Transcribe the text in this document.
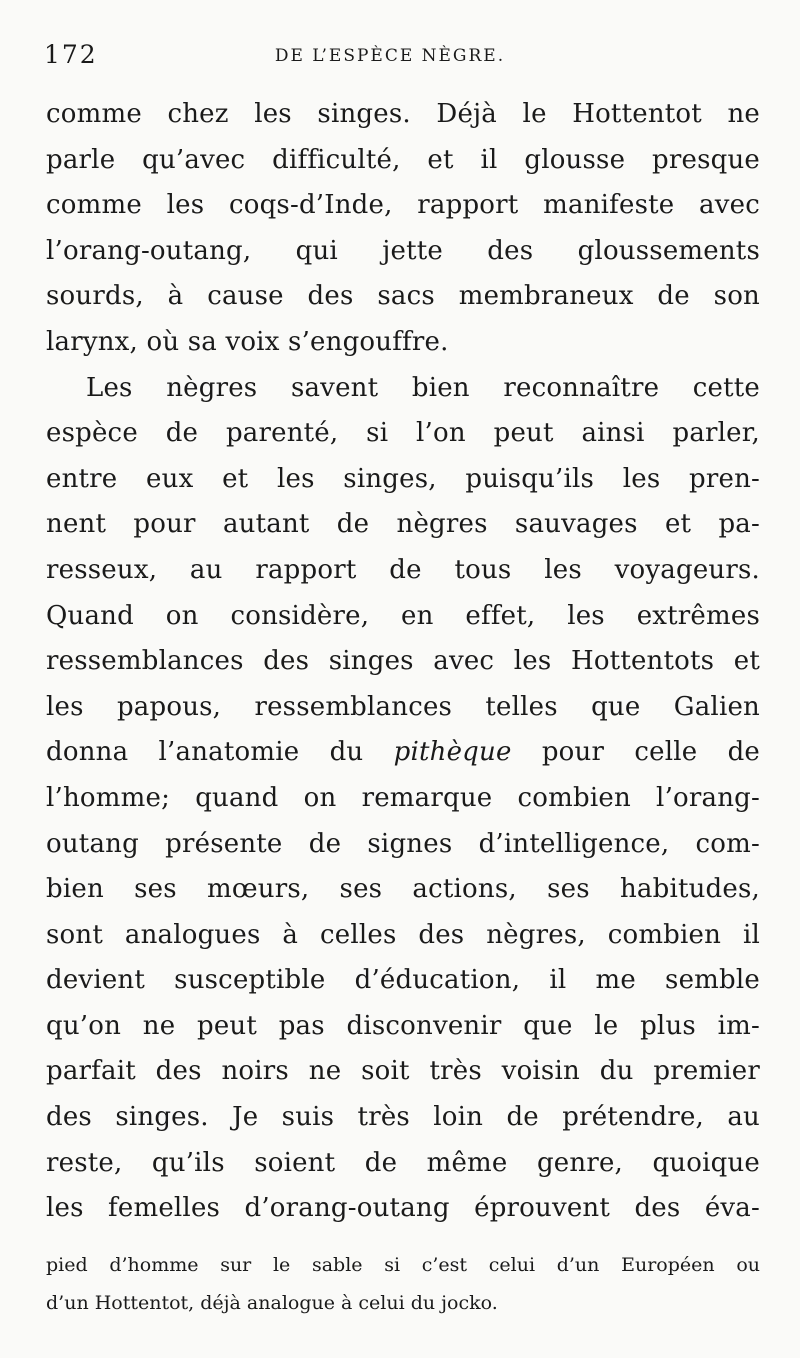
172	DE L’ESPÈCE NÈGRE.
comme chez les singes. Déjà le Hottentot ne
parle qu’avec difficulté, et il glousse presque
comme les coqs-d’Inde, rapport manifeste avec
l’orang-outang, qui jette des gloussements
sourds, à cause des sacs membraneux de son
larynx, où sa voix s’engouffre.
Les nègres savent bien reconnaître cette
espèce de parenté, si l’on peut ainsi parler,
entre eux et les singes, puisqu’ils les pren-
nent pour autant de nègres sauvages et pa-
resseux, au rapport de tous les voyageurs.
Quand on considère, en effet, les extrêmes
ressemblances des singes avec les Hottentots et
les papous, ressemblances telles que Galien
donna l’anatomie du pithèque pour celle de
l’homme; quand on remarque combien l’orang-
outang présente de signes d’intelligence, com-
bien ses mœurs, ses actions, ses habitudes,
sont analogues à celles des nègres, combien il
devient susceptible d’éducation, il me semble
qu’on ne peut pas disconvenir que le plus im-
parfait des noirs ne soit très voisin du premier
des singes. Je suis très loin de prétendre, au
reste, qu’ils soient de même genre, quoique
les femelles d’orang-outang éprouvent des éva-
pied d’homme sur le sable si c’est celui d’un Européen ou
d’un Hottentot, déjà analogue à celui du jocko.
